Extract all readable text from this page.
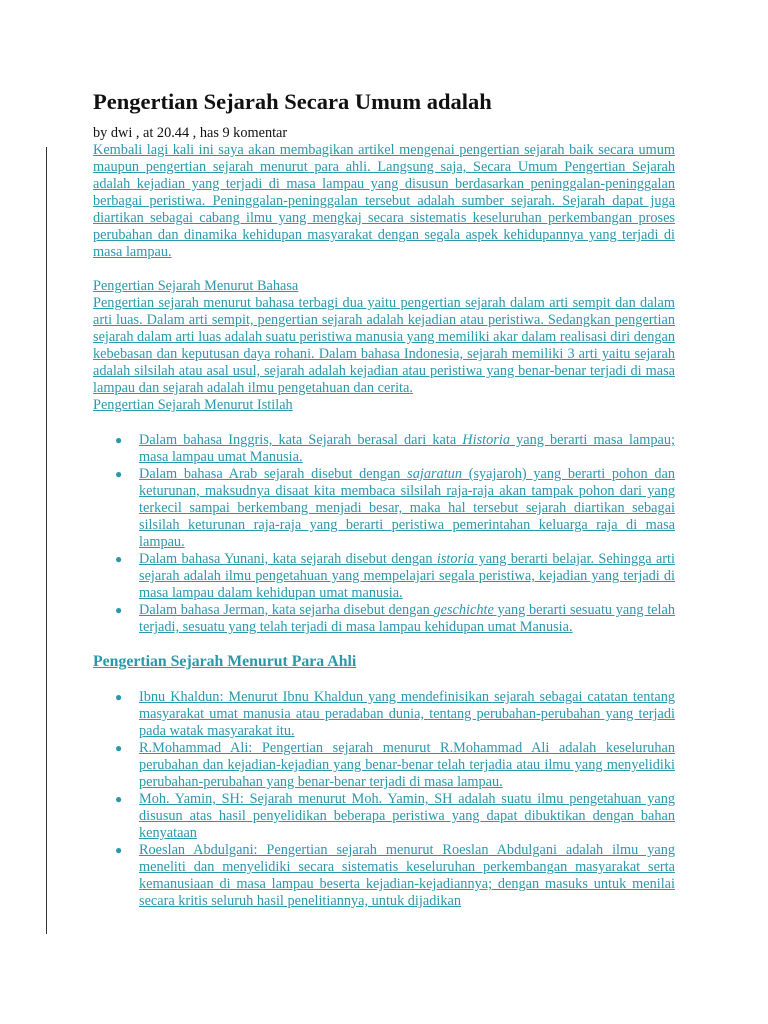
Pengertian Sejarah Secara Umum adalah
by dwi , at 20.44 , has 9 komentar

Kembali lagi kali ini saya akan membagikan artikel mengenai pengertian sejarah baik secara umum maupun pengertian sejarah menurut para ahli. Langsung saja, Secara Umum Pengertian Sejarah adalah kejadian yang terjadi di masa lampau yang disusun berdasarkan peninggalan-peninggalan berbagai peristiwa. Peninggalan-peninggalan tersebut adalah sumber sejarah. Sejarah dapat juga diartikan sebagai cabang ilmu yang mengkaj secara sistematis keseluruhan perkembangan proses perubahan dan dinamika kehidupan masyarakat dengan segala aspek kehidupannya yang terjadi di masa lampau.

Pengertian Sejarah Menurut Bahasa

Pengertian sejarah menurut bahasa terbagi dua yaitu pengertian sejarah dalam arti sempit dan dalam arti luas. Dalam arti sempit, pengertian sejarah adalah kejadian atau peristiwa. Sedangkan pengertian sejarah dalam arti luas adalah suatu peristiwa manusia yang memiliki akar dalam realisasi diri dengan kebebasan dan keputusan daya rohani. Dalam bahasa Indonesia, sejarah memiliki 3 arti yaitu sejarah adalah silsilah atau asal usul, sejarah adalah kejadian atau peristiwa yang benar-benar terjadi di masa lampau dan sejarah adalah ilmu pengetahuan dan cerita.

Pengertian Sejarah Menurut Istilah

● Dalam bahasa Inggris, kata Sejarah berasal dari kata Historia yang berarti masa lampau; masa lampau umat Manusia.
● Dalam bahasa Arab sejarah disebut dengan sajaratun (syajaroh) yang berarti pohon dan keturunan, maksudnya disaat kita membaca silsilah raja-raja akan tampak pohon dari yang terkecil sampai berkembang menjadi besar, maka hal tersebut sejarah diartikan sebagai silsilah keturunan raja-raja yang berarti peristiwa pemerintahan keluarga raja di masa lampau.
● Dalam bahasa Yunani, kata sejarah disebut dengan istoria yang berarti belajar. Sehingga arti sejarah adalah ilmu pengetahuan yang mempelajari segala peristiwa, kejadian yang terjadi di masa lampau dalam kehidupan umat manusia.
● Dalam bahasa Jerman, kata sejarha disebut dengan geschichte yang berarti sesuatu yang telah terjadi, sesuatu yang telah terjadi di masa lampau kehidupan umat Manusia.
Pengertian Sejarah Menurut Para Ahli
● Ibnu Khaldun: Menurut Ibnu Khaldun yang mendefinisikan sejarah sebagai catatan tentang masyarakat umat manusia atau peradaban dunia, tentang perubahan-perubahan yang terjadi pada watak masyarakat itu.
● R.Mohammad Ali: Pengertian sejarah menurut R.Mohammad Ali adalah keseluruhan perubahan dan kejadian-kejadian yang benar-benar telah terjadia atau ilmu yang menyelidiki perubahan-perubahan yang benar-benar terjadi di masa lampau.
● Moh. Yamin, SH: Sejarah menurut Moh. Yamin, SH adalah suatu ilmu pengetahuan yang disusun atas hasil penyelidikan beberapa peristiwa yang dapat dibuktikan dengan bahan kenyataan
● Roeslan Abdulgani: Pengertian sejarah menurut Roeslan Abdulgani adalah ilmu yang meneliti dan menyelidiki secara sistematis keseluruhan perkembangan masyarakat serta kemanusiaan di masa lampau beserta kejadian-kejadiannya; dengan masuks untuk menilai secara kritis seluruh hasil penelitiannya, untuk dijadikan
